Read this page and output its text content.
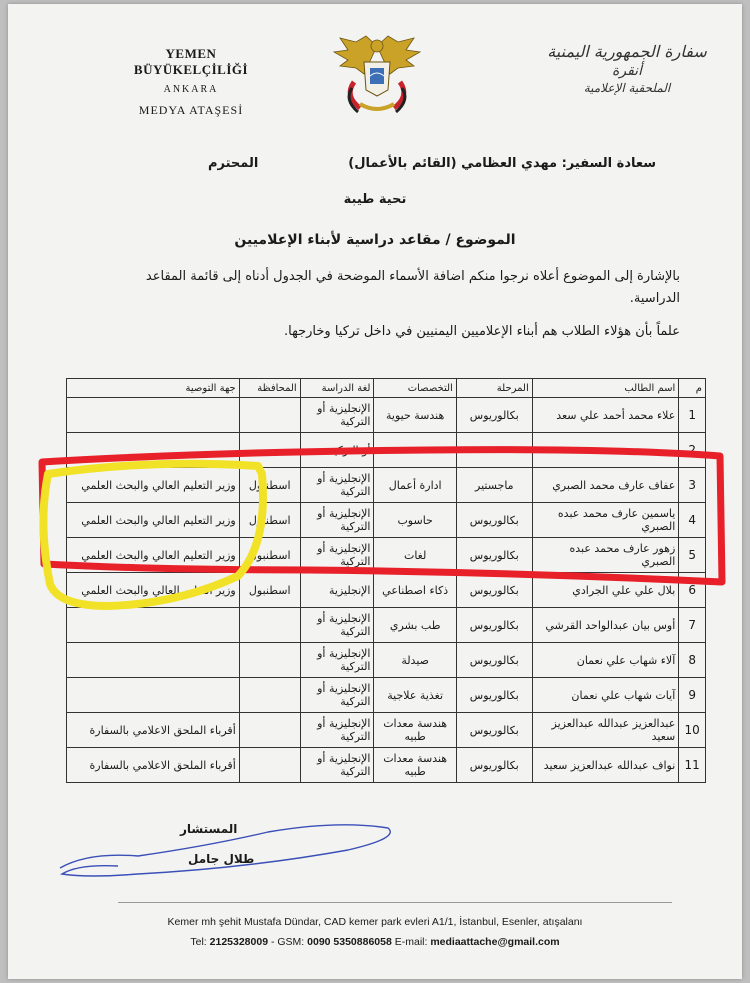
YEMEN BÜYÜKELÇİLİĞİ
ANKARA
MEDYA ATAŞESİ
سفارة الجمهورية اليمنية
أنقرة
الملحقية الإعلامية
سعادة السفير: مهدي العظامي (القائم بالأعمال)
المحترم
تحية طيبة
الموضوع / مقاعد دراسية لأبناء الإعلاميين
بالإشارة إلى الموضوع أعلاه نرجوا منكم اضافة الأسماء الموضحة في الجدول أدناه إلى قائمة المقاعد الدراسية.
علماً بأن هؤلاء الطلاب هم أبناء الإعلاميين اليمنيين في داخل تركيا وخارجها.
م	اسم الطالب	المرحلة	التخصصات	لغة الدراسة	المحافظة	جهة التوصية
1	علاء محمد أحمد علي سعد	بكالوريوس	هندسة حيوية	الإنجليزية أو التركية		
2				أو التركية		
3	عفاف عارف محمد الصبري	ماجستير	ادارة أعمال	الإنجليزية أو التركية	اسطنبول	وزير التعليم العالي والبحث العلمي
4	ياسمين عارف محمد عبده الصبري	بكالوريوس	حاسوب	الإنجليزية أو التركية	اسطنبول	وزير التعليم العالي والبحث العلمي
5	زهور عارف محمد عبده الصبري	بكالوريوس	لغات	الإنجليزية أو التركية	اسطنبول	وزير التعليم العالي والبحث العلمي
6	بلال علي علي الجرادي	بكالوريوس	ذكاء اصطناعي	الإنجليزية	اسطنبول	وزير التعليم العالي والبحث العلمي
7	أوس بيان عبدالواحد القرشي	بكالوريوس	طب بشري	الإنجليزية أو التركية		
8	آلاء شهاب علي نعمان	بكالوريوس	صيدلة	الإنجليزية أو التركية		
9	آيات شهاب علي نعمان	بكالوريوس	تغذية علاجية	الإنجليزية أو التركية		
10	عبدالعزيز عبدالله عبدالعزيز سعيد	بكالوريوس	هندسة معدات طبيه	الإنجليزية أو التركية		أقرباء الملحق الاعلامي بالسفارة
11	نواف عبدالله عبدالعزيز سعيد	بكالوريوس	هندسة معدات طبيه	الإنجليزية أو التركية		أقرباء الملحق الاعلامي بالسفارة
المستشار
طلال جامل
Kemer mh şehit Mustafa Dündar, CAD kemer park evleri A1/1, İstanbul, Esenler, atışalanı
Tel: 2125328009 - GSM: 0090 5350886058 E-mail: mediaattache@gmail.com
